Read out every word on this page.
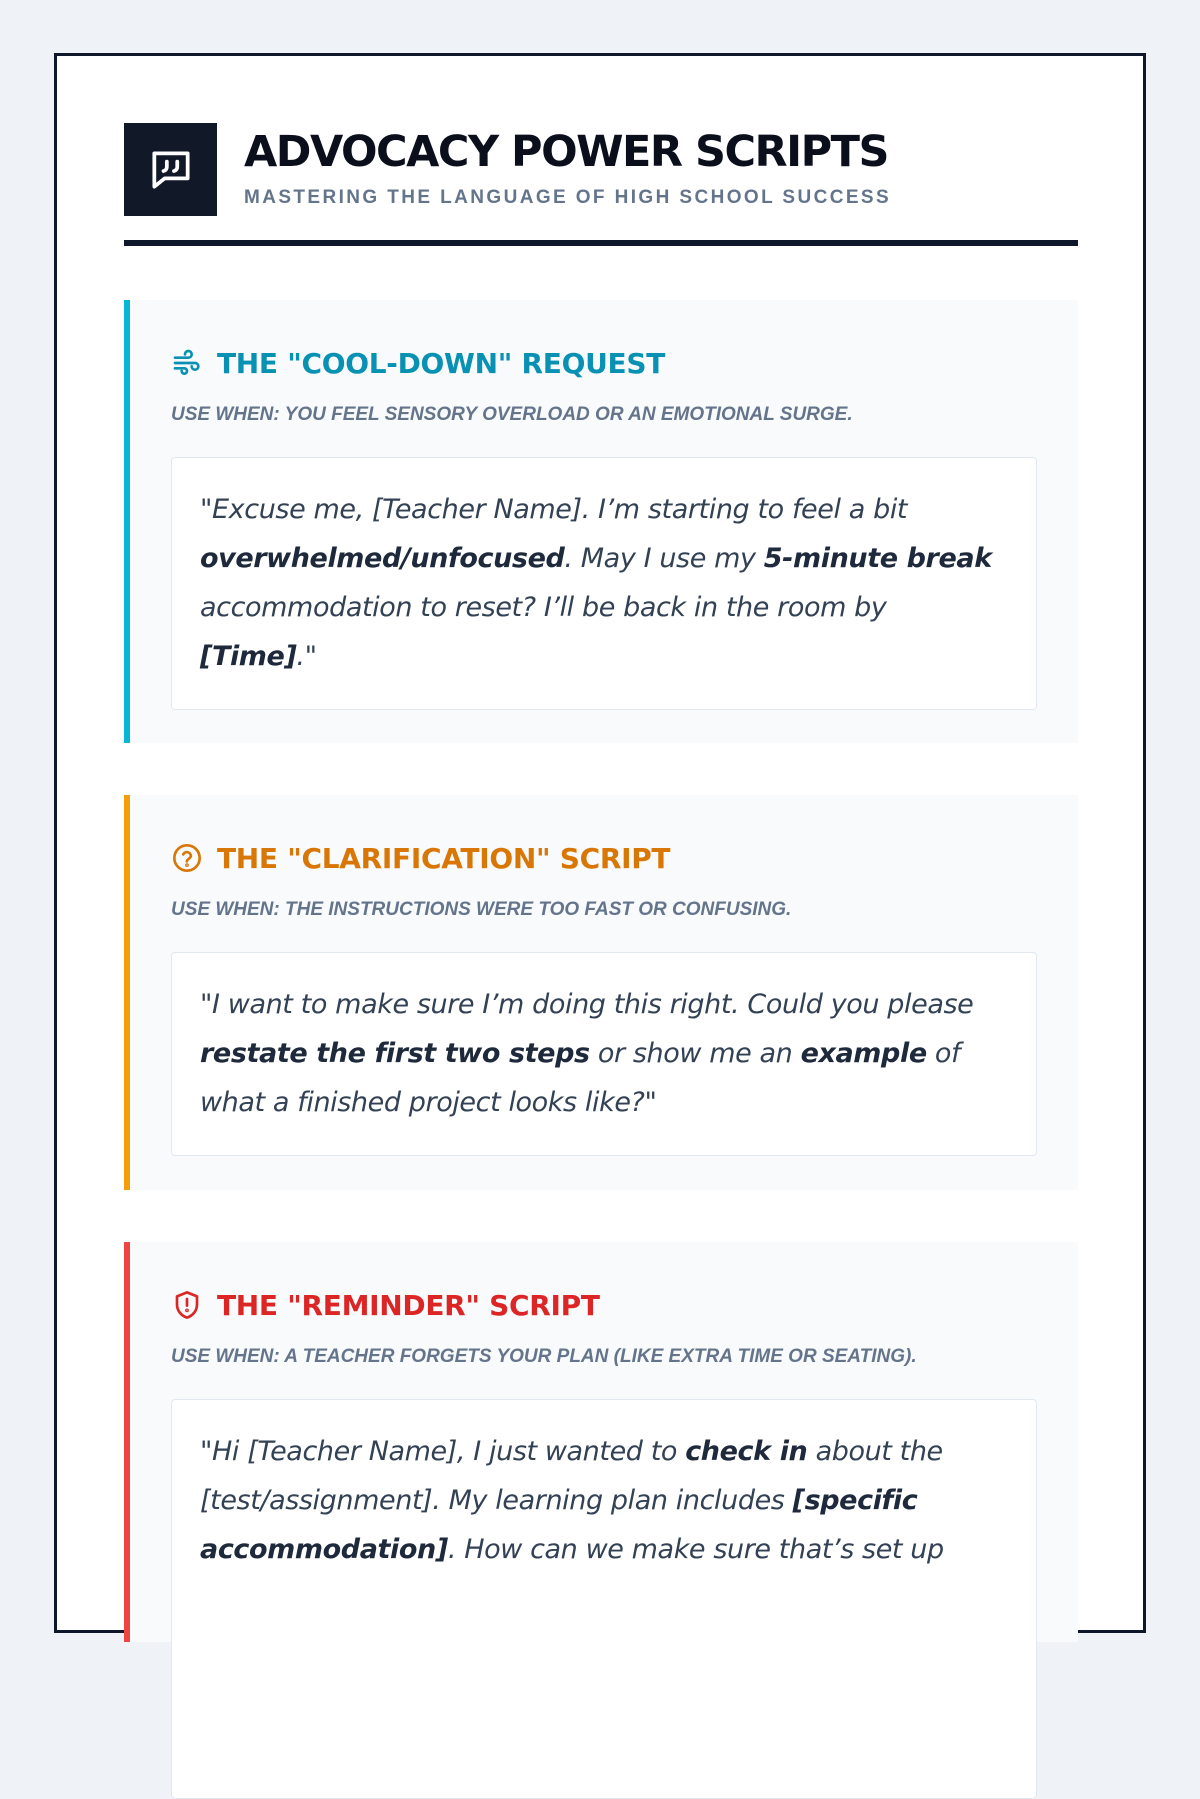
ADVOCACY POWER SCRIPTS
MASTERING THE LANGUAGE OF HIGH SCHOOL SUCCESS
THE "COOL-DOWN" REQUEST
USE WHEN: YOU FEEL SENSORY OVERLOAD OR AN EMOTIONAL SURGE.
"Excuse me, [Teacher Name]. I’m starting to feel a bit overwhelmed/unfocused. May I use my 5-minute break accommodation to reset? I’ll be back in the room by [Time]."
THE "CLARIFICATION" SCRIPT
USE WHEN: THE INSTRUCTIONS WERE TOO FAST OR CONFUSING.
"I want to make sure I’m doing this right. Could you please restate the first two steps or show me an example of what a finished project looks like?"
THE "REMINDER" SCRIPT
USE WHEN: A TEACHER FORGETS YOUR PLAN (LIKE EXTRA TIME OR SEATING).
"Hi [Teacher Name], I just wanted to check in about the [test/assignment]. My learning plan includes [specific accommodation]. How can we make sure that’s set up
